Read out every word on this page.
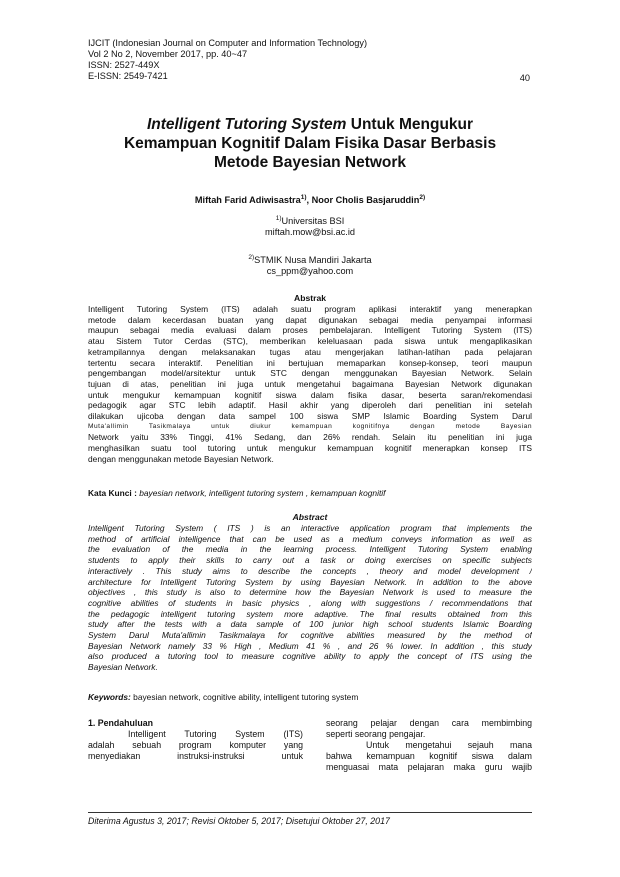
IJCIT (Indonesian Journal on Computer and Information Technology)
Vol 2 No 2, November 2017, pp. 40~47
ISSN: 2527-449X
E-ISSN: 2549-7421	40
Intelligent Tutoring System Untuk Mengukur
Kemampuan Kognitif Dalam Fisika Dasar Berbasis
Metode Bayesian Network
Miftah Farid Adiwisastra$^{1)}$, Noor Cholis Basjaruddin$^{2)}$
$^{1)}$Universitas BSI
miftah.mow@bsi.ac.id
$^{2)}$STMIK Nusa Mandiri Jakarta
cs_ppm@yahoo.com
Abstrak
Intelligent Tutoring System (ITS) adalah suatu program aplikasi interaktif yang menerapkan
metode dalam kecerdasan buatan yang dapat digunakan sebagai media penyampai informasi
maupun sebagai media evaluasi dalam proses pembelajaran. Intelligent Tutoring System (ITS)
atau Sistem Tutor Cerdas (STC), memberikan keleluasaan pada siswa untuk mengaplikasikan
ketrampilannya dengan melaksanakan tugas atau mengerjakan latihan-latihan pada pelajaran
tertentu secara interaktif. Penelitian ini bertujuan memaparkan konsep-konsep, teori maupun
pengembangan model/arsitektur untuk STC dengan menggunakan Bayesian Network. Selain
tujuan di atas, penelitian ini juga untuk mengetahui bagaimana Bayesian Network digunakan
untuk mengukur kemampuan kognitif siswa dalam fisika dasar, beserta saran/rekomendasi
pedagogik agar STC lebih adaptif. Hasil akhir yang diperoleh dari penelitian ini setelah
dilakukan ujicoba dengan data sampel 100 siswa SMP Islamic Boarding System Darul
Muta'allimin Tasikmalaya untuk diukur kemampuan kognitifnya dengan metode Bayesian
Network yaitu 33% Tinggi, 41% Sedang, dan 26% rendah. Selain itu penelitian ini juga
menghasilkan suatu tool tutoring untuk mengukur kemampuan kognitif menerapkan konsep ITS
dengan menggunakan metode Bayesian Network.
Kata Kunci : bayesian network, intelligent tutoring system , kemampuan kognitif
Abstract
Intelligent Tutoring System ( ITS ) is an interactive application program that implements the
method of artificial intelligence that can be used as a medium conveys information as well as
the evaluation of the media in the learning process. Intelligent Tutoring System enabling
students to apply their skills to carry out a task or doing exercises on specific subjects
interactively . This study aims to describe the concepts , theory and model development /
architecture for Intelligent Tutoring System by using Bayesian Network. In addition to the above
objectives , this study is also to determine how the Bayesian Network is used to measure the
cognitive abilities of students in basic physics , along with suggestions / recommendations that
the pedagogic intelligent tutoring system more adaptive. The final results obtained from this
study after the tests with a data sample of 100 junior high school students Islamic Boarding
System Darul Muta'allimin Tasikmalaya for cognitive abilities measured by the method of
Bayesian Network namely 33 % High , Medium 41 % , and 26 % lower. In addition , this study
also produced a tutoring tool to measure cognitive ability to apply the concept of ITS using the
Bayesian Network.
Keywords: bayesian network, cognitive ability, intelligent tutoring system
1. Pendahuluan
Intelligent Tutoring System (ITS)
adalah sebuah program komputer yang
menyediakan instruksi-instruksi untuk
seorang pelajar dengan cara membimbing
seperti seorang pengajar.
Untuk mengetahui sejauh mana
bahwa kemampuan kognitif siswa dalam
menguasai mata pelajaran maka guru wajib
Diterima Agustus 3, 2017; Revisi Oktober 5, 2017; Disetujui Oktober 27, 2017
